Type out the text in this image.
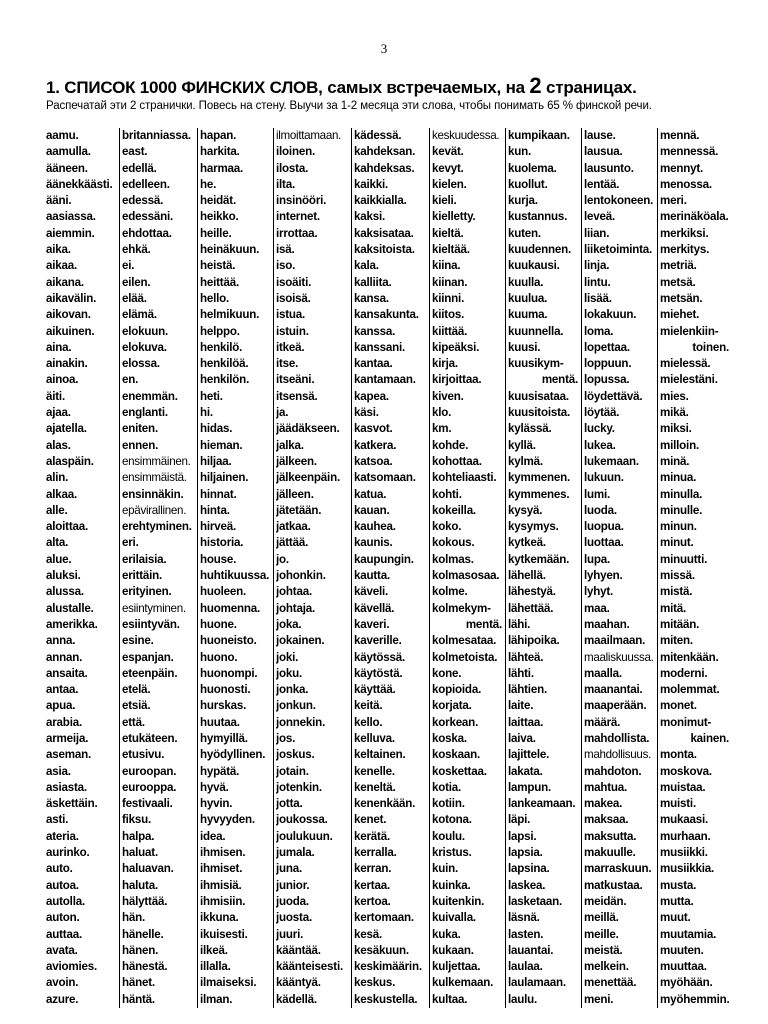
3
1. СПИСОК 1000 ФИНСКИХ СЛОВ, самых встречаемых, на 2 страницах.
Распечатай эти 2 странички. Повесь на стену. Выучи за 1-2 месяца эти слова, чтобы понимать 65 % финской речи.
aamu.
aamulla.
ääneen.
äänekkäästi.
ääni.
aasiassa.
aiemmin.
aika.
aikaa.
aikana.
aikavälin.
aikovan.
aikuinen.
aina.
ainakin.
ainoa.
äiti.
ajaa.
ajatella.
alas.
alaspäin.
alin.
alkaa.
alle.
aloittaa.
alta.
alue.
aluksi.
alussa.
alustalle.
amerikka.
anna.
annan.
ansaita.
antaa.
apua.
arabia.
armeija.
aseman.
asia.
asiasta.
äskettäin.
asti.
ateria.
aurinko.
auto.
autoa.
autolla.
auton.
auttaa.
avata.
aviomies.
avoin.
azure.
britanniassa.
east.
edellä.
edelleen.
edessä.
edessäni.
ehdottaa.
ehkä.
ei.
eilen.
elää.
elämä.
elokuun.
elokuva.
elossa.
en.
enemmän.
englanti.
eniten.
ennen.
ensimmäinen.
ensimmäistä.
ensinnäkin.
epävirallinen.
erehtyminen.
eri.
erilaisia.
erittäin.
erityinen.
esiintyminen.
esiintyvän.
esine.
espanjan.
eteenpäin.
etelä.
etsiä.
että.
etukäteen.
etusivu.
euroopan.
eurooppa.
festivaali.
fiksu.
halpa.
haluat.
haluavan.
haluta.
hälyttää.
hän.
hänelle.
hänen.
hänestä.
hänet.
häntä.
hapan.
harkita.
harmaa.
he.
heidät.
heikko.
heille.
heinäkuun.
heistä.
heittää.
hello.
helmikuun.
helppo.
henkilö.
henkilöä.
henkilön.
heti.
hi.
hidas.
hieman.
hiljaa.
hiljainen.
hinnat.
hinta.
hirveä.
historia.
house.
huhtikuussa.
huoleen.
huomenna.
huone.
huoneisto.
huono.
huonompi.
huonosti.
hurskas.
huutaa.
hymyillä.
hyödyllinen.
hypätä.
hyvä.
hyvin.
hyvyyden.
idea.
ihmisen.
ihmiset.
ihmisiä.
ihmisiin.
ikkuna.
ikuisesti.
ilkeä.
illalla.
ilmaiseksi.
ilman.
ilmoittamaan.
iloinen.
ilosta.
ilta.
insinööri.
internet.
irrottaa.
isä.
iso.
isoäiti.
isoisä.
istua.
istuin.
itkeä.
itse.
itseäni.
itsensä.
ja.
jäädäkseen.
jalka.
jälkeen.
jälkeenpäin.
jälleen.
jätetään.
jatkaa.
jättää.
jo.
johonkin.
johtaa.
johtaja.
joka.
jokainen.
joki.
joku.
jonka.
jonkun.
jonnekin.
jos.
joskus.
jotain.
jotenkin.
jotta.
joukossa.
joulukuun.
jumala.
juna.
junior.
juoda.
juosta.
juuri.
kääntää.
käänteisesti.
kääntyä.
kädellä.
kädessä.
kahdeksan.
kahdeksas.
kaikki.
kaikkialla.
kaksi.
kaksisataa.
kaksitoista.
kala.
kalliita.
kansa.
kansakunta.
kanssa.
kanssani.
kantaa.
kantamaan.
kapea.
käsi.
kasvot.
katkera.
katsoa.
katsomaan.
katua.
kauan.
kauhea.
kaunis.
kaupungin.
kautta.
käveli.
kävellä.
kaveri.
kaverille.
käytössä.
käytöstä.
käyttää.
keitä.
kello.
kelluva.
keltainen.
kenelle.
keneltä.
kenenkään.
kenet.
kerätä.
kerralla.
kerran.
kertaa.
kertoa.
kertomaan.
kesä.
kesäkuun.
keskimäärin.
keskus.
keskustella.
keskuudessa.
kevät.
kevyt.
kielen.
kieli.
kielletty.
kieltä.
kieltää.
kiina.
kiinan.
kiinni.
kiitos.
kiittää.
kipeäksi.
kirja.
kirjoittaa.
kiven.
klo.
km.
kohde.
kohottaa.
kohteliaasti.
kohti.
kokeilla.
koko.
kokous.
kolmas.
kolmasosaa.
kolme.
kolmekym-
mentä.
kolmesataa.
kolmetoista.
kone.
kopioida.
korjata.
korkean.
koska.
koskaan.
koskettaa.
kotia.
kotiin.
kotona.
koulu.
kristus.
kuin.
kuinka.
kuitenkin.
kuivalla.
kuka.
kukaan.
kuljettaa.
kulkemaan.
kultaa.
kumpikaan.
kun.
kuolema.
kuollut.
kurja.
kustannus.
kuten.
kuudennen.
kuukausi.
kuulla.
kuulua.
kuuma.
kuunnella.
kuusi.
kuusikym-
mentä.
kuusisataa.
kuusitoista.
kylässä.
kyllä.
kylmä.
kymmenen.
kymmenes.
kysyä.
kysymys.
kytkeä.
kytkemään.
lähellä.
lähestyä.
lähettää.
lähi.
lähipoika.
lähteä.
lähti.
lähtien.
laite.
laittaa.
laiva.
lajittele.
lakata.
lampun.
lankeamaan.
läpi.
lapsi.
lapsia.
lapsina.
laskea.
lasketaan.
läsnä.
lasten.
lauantai.
laulaa.
laulamaan.
laulu.
lause.
lausua.
lausunto.
lentää.
lentokoneen.
leveä.
liian.
liiketoiminta.
linja.
lintu.
lisää.
lokakuun.
loma.
lopettaa.
loppuun.
lopussa.
löydettävä.
löytää.
lucky.
lukea.
lukemaan.
lukuun.
lumi.
luoda.
luopua.
luottaa.
lupa.
lyhyen.
lyhyt.
maa.
maahan.
maailmaan.
maaliskuussa.
maalla.
maanantai.
maaperään.
määrä.
mahdollista.
mahdollisuus.
mahdoton.
mahtua.
makea.
maksaa.
maksutta.
makuulle.
marraskuun.
matkustaa.
meidän.
meillä.
meille.
meistä.
melkein.
menettää.
meni.
mennä.
mennessä.
mennyt.
menossa.
meri.
merinäköala.
merkiksi.
merkitys.
metriä.
metsä.
metsän.
miehet.
mielenkiin-
toinen.
mielessä.
mielestäni.
mies.
mikä.
miksi.
milloin.
minä.
minua.
minulla.
minulle.
minun.
minut.
minuutti.
missä.
mistä.
mitä.
mitään.
miten.
mitenkään.
moderni.
molemmat.
monet.
monimut-
kainen.
monta.
moskova.
muistaa.
muisti.
mukaasi.
murhaan.
musiikki.
musiikkia.
musta.
mutta.
muut.
muutamia.
muuten.
muuttaa.
myöhään.
myöhemmin.
